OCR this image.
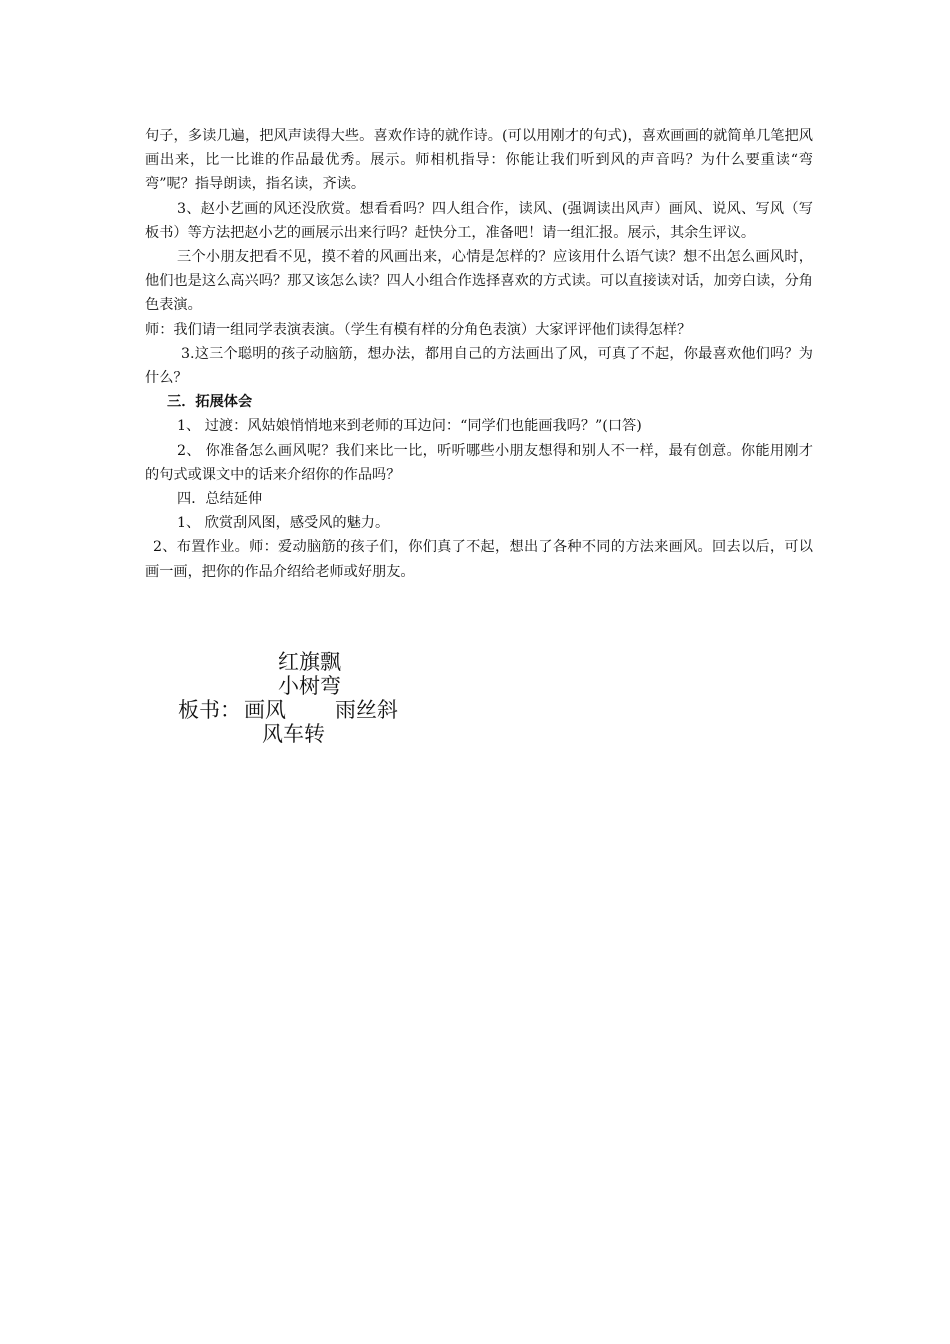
句子，多读几遍，把风声读得大些。喜欢作诗的就作诗。(可以用刚才的句式)，喜欢画画的就简单几笔把风画出来，比一比谁的作品最优秀。展示。师相机指导：你能让我们听到风的声音吗？为什么要重读“弯弯”呢？指导朗读，指名读，齐读。

3、赵小艺画的风还没欣赏。想看看吗？四人组合作，读风、(强调读出风声）画风、说风、写风（写板书）等方法把赵小艺的画展示出来行吗？赶快分工，准备吧！请一组汇报。展示，其余生评议。

三个小朋友把看不见，摸不着的风画出来，心情是怎样的？应该用什么语气读？想不出怎么画风时，他们也是这么高兴吗？那又该怎么读？四人小组合作选择喜欢的方式读。可以直接读对话，加旁白读，分角色表演。

师：我们请一组同学表演表演。（学生有模有样的分角色表演）大家评评他们读得怎样？

3.这三个聪明的孩子动脑筋，想办法，都用自己的方法画出了风，可真了不起，你最喜欢他们吗？为什么？

三．拓展体会

1、 过渡：风姑娘悄悄地来到老师的耳边问：“同学们也能画我吗？”(口答)

2、 你准备怎么画风呢？我们来比一比，听听哪些小朋友想得和别人不一样，最有创意。你能用刚才的句式或课文中的话来介绍你的作品吗？

四．总结延伸

1、 欣赏刮风图，感受风的魅力。

2、布置作业。师：爱动脑筋的孩子们，你们真了不起，想出了各种不同的方法来画风。回去以后，可以画一画，把你的作品介绍给老师或好朋友。

红旗飘
小树弯
板书： 画风 雨丝斜
风车转
